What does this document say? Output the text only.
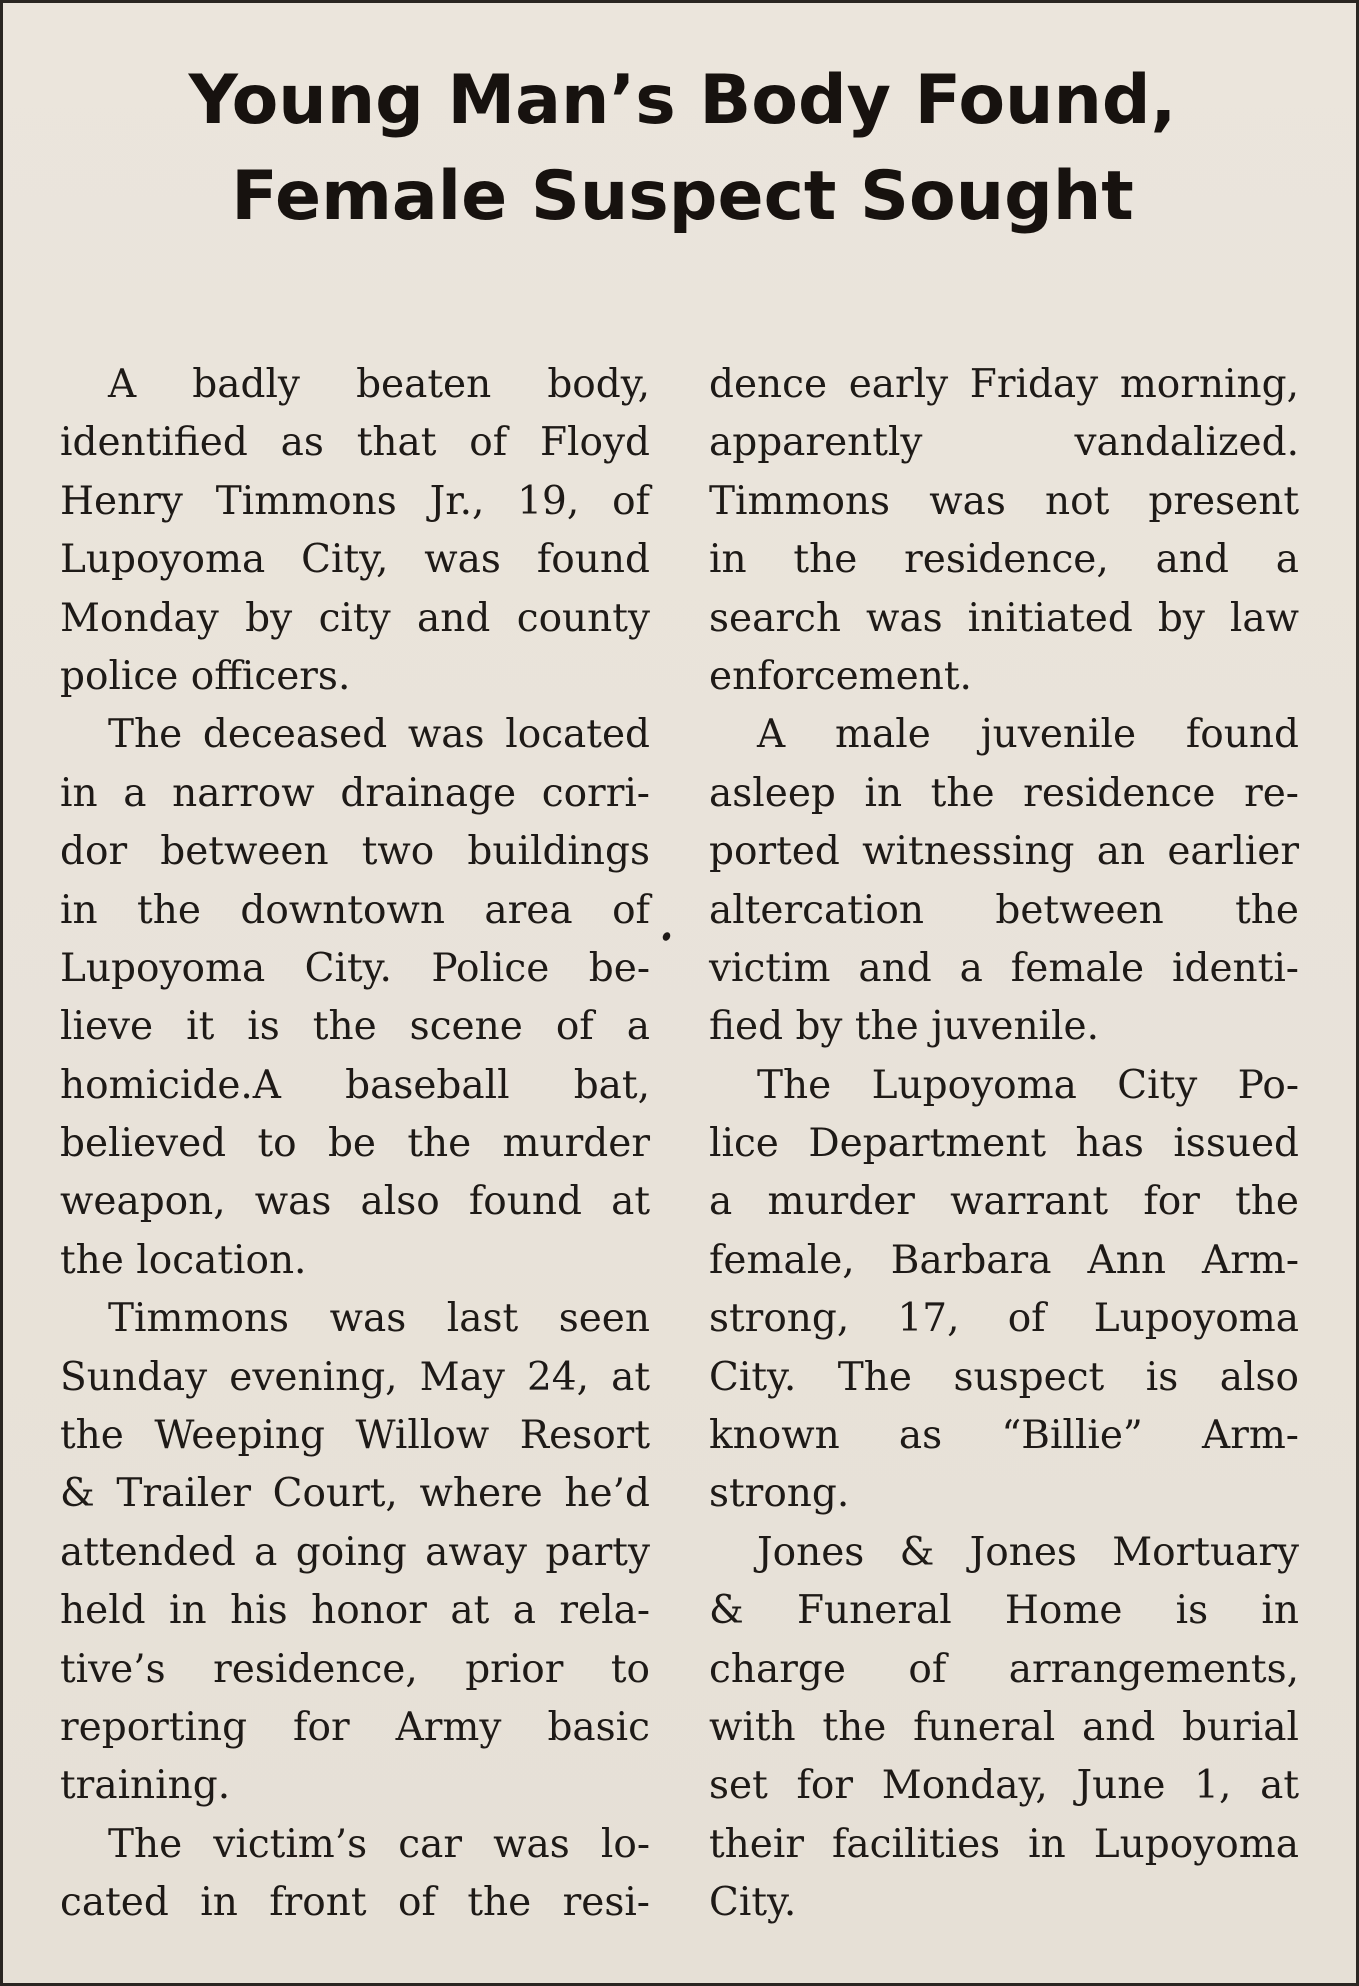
Young Man’s Body Found,
Female Suspect Sought
A badly beaten body,
identified as that of Floyd
Henry Timmons Jr., 19, of
Lupoyoma City, was found
Monday by city and county
police officers.
The deceased was located
in a narrow drainage corri-
dor between two buildings
in the downtown area of
Lupoyoma City. Police be-
lieve it is the scene of a
homicide.A baseball bat,
believed to be the murder
weapon, was also found at
the location.
Timmons was last seen
Sunday evening, May 24, at
the Weeping Willow Resort
& Trailer Court, where he’d
attended a going away party
held in his honor at a rela-
tive’s residence, prior to
reporting for Army basic
training.
The victim’s car was lo-
cated in front of the resi-
dence early Friday morning,
apparently vandalized.
Timmons was not present
in the residence, and a
search was initiated by law
enforcement.
A male juvenile found
asleep in the residence re-
ported witnessing an earlier
altercation between the
victim and a female identi-
fied by the juvenile.
The Lupoyoma City Po-
lice Department has issued
a murder warrant for the
female, Barbara Ann Arm-
strong, 17, of Lupoyoma
City. The suspect is also
known as “Billie” Arm-
strong.
Jones & Jones Mortuary
& Funeral Home is in
charge of arrangements,
with the funeral and burial
set for Monday, June 1, at
their facilities in Lupoyoma
City.
